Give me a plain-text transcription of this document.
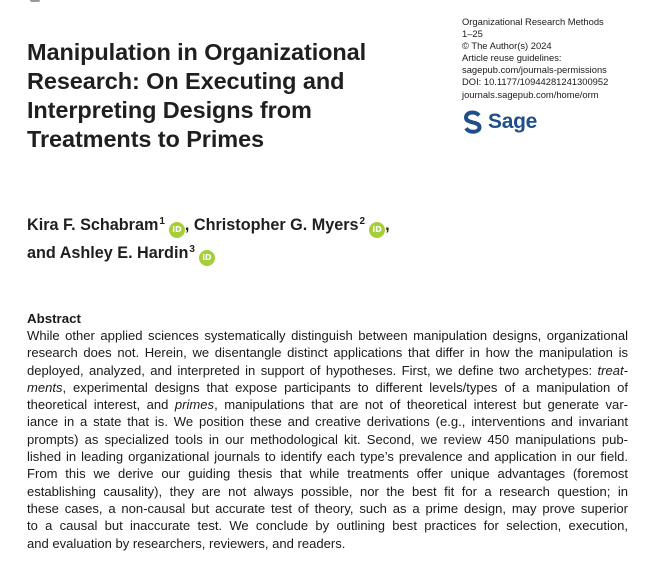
Manipulation in Organizational
Research: On Executing and
Interpreting Designs from
Treatments to Primes
Organizational Research Methods
1–25
© The Author(s) 2024
Article reuse guidelines:
sagepub.com/journals-permissions
DOI: 10.1177/10944281241300952
journals.sagepub.com/home/orm
Sage
Kira F. Schabram$^1$iD , Christopher G. Myers$^2$iD ,
and Ashley E. Hardin$^3$iD
Abstract
While other applied sciences systematically distinguish between manipulation designs, organizational
research does not. Herein, we disentangle distinct applications that differ in how the manipulation is
deployed, analyzed, and interpreted in support of hypotheses. First, we define two archetypes: treat-
ments, experimental designs that expose participants to different levels/types of a manipulation of
theoretical interest, and primes, manipulations that are not of theoretical interest but generate var-
iance in a state that is. We position these and creative derivations (e.g., interventions and invariant
prompts) as specialized tools in our methodological kit. Second, we review 450 manipulations pub-
lished in leading organizational journals to identify each type’s prevalence and application in our field.
From this we derive our guiding thesis that while treatments offer unique advantages (foremost
establishing causality), they are not always possible, nor the best fit for a research question; in
these cases, a non-causal but accurate test of theory, such as a prime design, may prove superior
to a causal but inaccurate test. We conclude by outlining best practices for selection, execution,
and evaluation by researchers, reviewers, and readers.
